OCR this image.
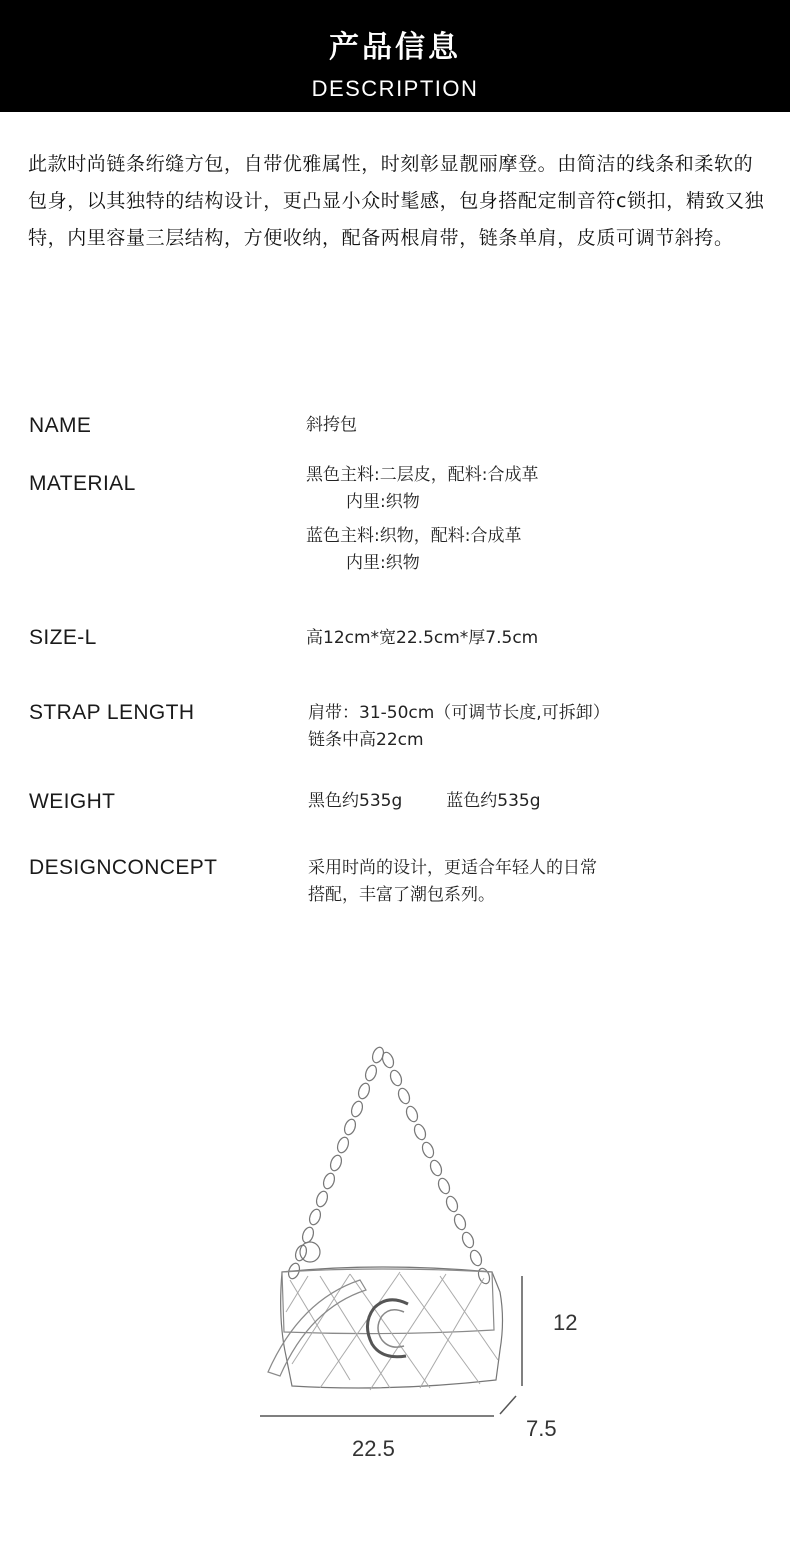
产品信息
DESCRIPTION
此款时尚链条绗缝方包，自带优雅属性，时刻彰显靓丽摩登。由简洁的线条和柔软的包身，以其独特的结构设计，更凸显小众时髦感，包身搭配定制音符c锁扣，精致又独特，内里容量三层结构，方便收纳，配备两根肩带，链条单肩，皮质可调节斜挎。
NAME	斜挎包
MATERIAL	黑色主料:二层皮，配料:合成革
内里:织物
蓝色主料:织物，配料:合成革
内里:织物
SIZE-L	高12cm*宽22.5cm*厚7.5cm
STRAP LENGTH	肩带：31-50cm（可调节长度,可拆卸）
链条中高22cm
WEIGHT	黑色约535g	蓝色约535g
DESIGNCONCEPT	采用时尚的设计，更适合年轻人的日常
搭配，丰富了潮包系列。
12
22.5
7.5
